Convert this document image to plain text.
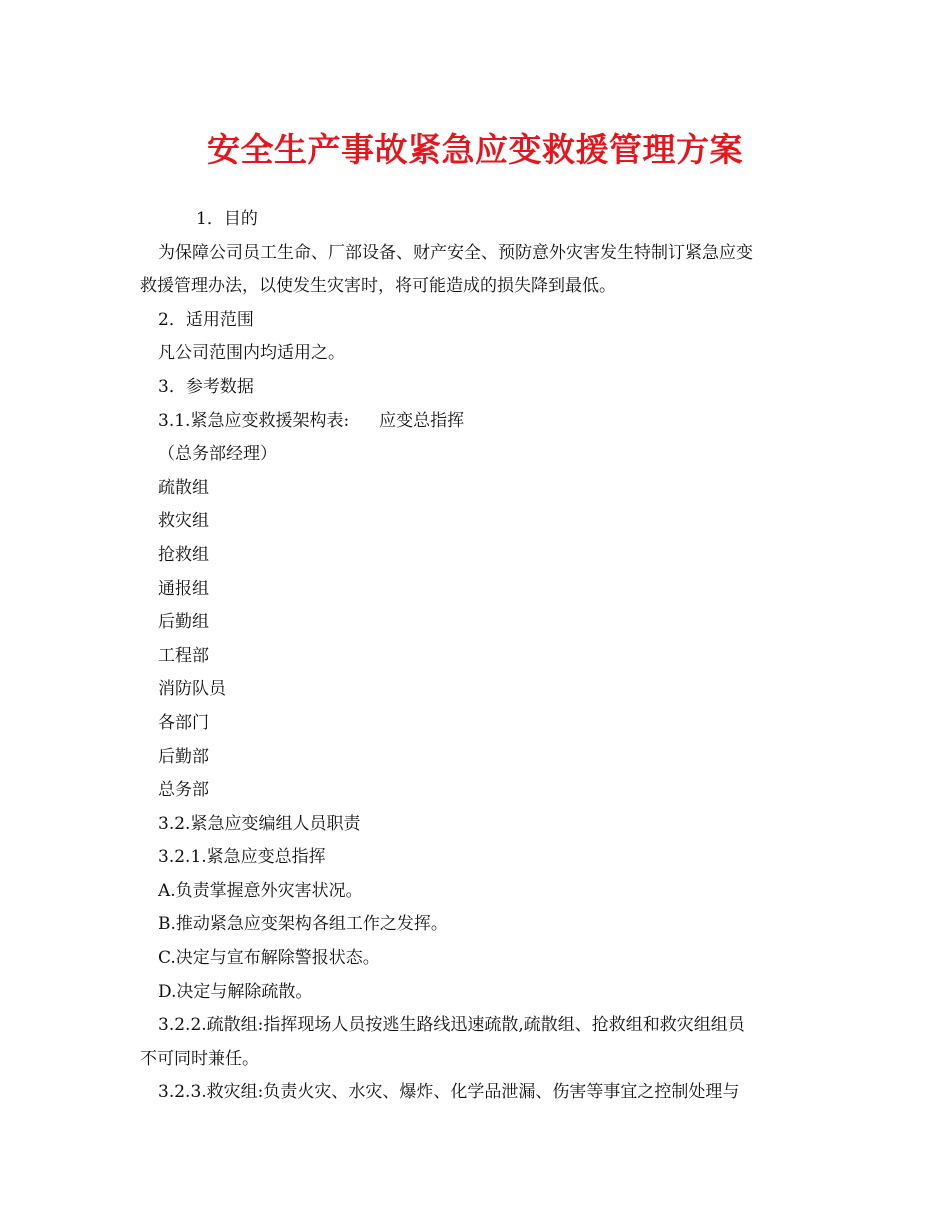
安全生产事故紧急应变救援管理方案

1．目的

为保障公司员工生命、厂部设备、财产安全、预防意外灾害发生特制订紧急应变

救援管理办法，以使发生灾害时，将可能造成的损失降到最低。

2．适用范围

凡公司范围内均适用之。

3．参考数据

3.1.紧急应变救援架构表: 应变总指挥

（总务部经理）

疏散组

救灾组

抢救组

通报组

后勤组

工程部

消防队员

各部门

后勤部

总务部

3.2.紧急应变编组人员职责

3.2.1.紧急应变总指挥

A.负责掌握意外灾害状况。

B.推动紧急应变架构各组工作之发挥。

C.决定与宣布解除警报状态。

D.决定与解除疏散。

3.2.2.疏散组:指挥现场人员按逃生路线迅速疏散,疏散组、抢救组和救灾组组员

不可同时兼任。

3.2.3.救灾组:负责火灾、水灾、爆炸、化学品泄漏、伤害等事宜之控制处理与
